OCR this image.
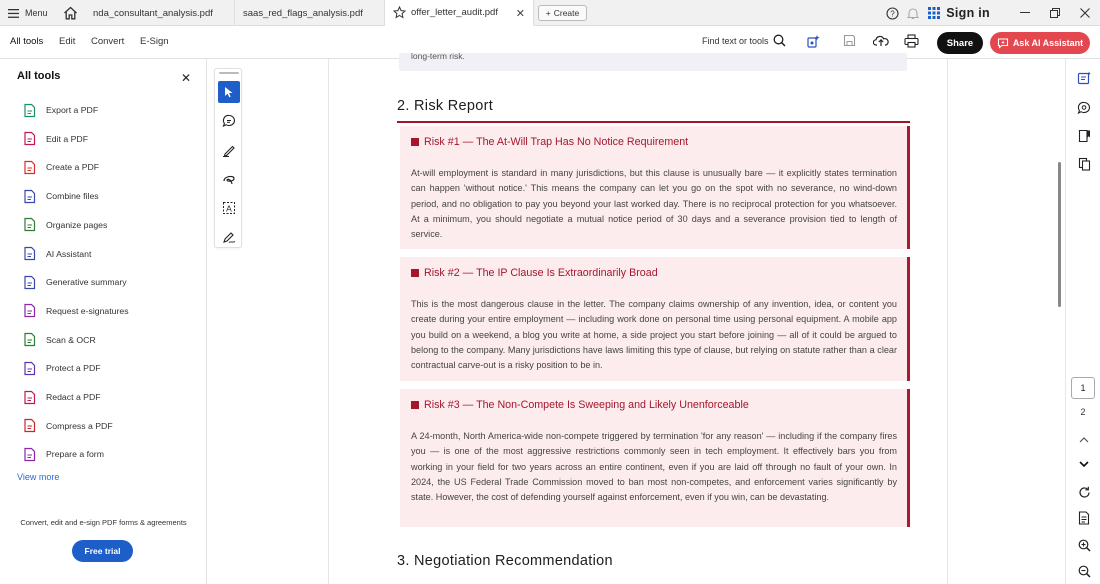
Menu	nda_consultant_analysis.pdf	saas_red_flags_analysis.pdf	offer_letter_audit.pdf ✕ + Create	?	Sign in
All tools Edit Convert E-Sign	Find text or tools	Share	Ask AI Assistant
All tools	✕
Export a PDF
Edit a PDF
Create a PDF
Combine files
Organize pages
AI Assistant
Generative summary
Request e-signatures
Scan & OCR
Protect a PDF
Redact a PDF
Compress a PDF
Prepare a form
View more
Convert, edit and e-sign PDF forms & agreements
Free trial
A
long-term risk.
2. Risk Report
Risk #1 — The At-Will Trap Has No Notice Requirement
At-will employment is standard in many jurisdictions, but this clause is unusually bare — it explicitly states termination can happen 'without notice.' This means the company can let you go on the spot with no severance, no wind-down period, and no obligation to pay you beyond your last worked day. There is no reciprocal protection for you whatsoever. At a minimum, you should negotiate a mutual notice period of 30 days and a severance provision tied to length of service.
Risk #2 — The IP Clause Is Extraordinarily Broad
This is the most dangerous clause in the letter. The company claims ownership of any invention, idea, or content you create during your entire employment — including work done on personal time using personal equipment. A mobile app you build on a weekend, a blog you write at home, a side project you start before joining — all of it could be argued to belong to the company. Many jurisdictions have laws limiting this type of clause, but relying on statute rather than a clear contractual carve-out is a risky position to be in.
Risk #3 — The Non-Compete Is Sweeping and Likely Unenforceable
A 24-month, North America-wide non-compete triggered by termination 'for any reason' — including if the company fires you — is one of the most aggressive restrictions commonly seen in tech employment. It effectively bars you from working in your field for two years across an entire continent, even if you are laid off through no fault of your own. In 2024, the US Federal Trade Commission moved to ban most non-competes, and enforcement varies significantly by state. However, the cost of defending yourself against enforcement, even if you win, can be devastating.
3. Negotiation Recommendation
1
2
